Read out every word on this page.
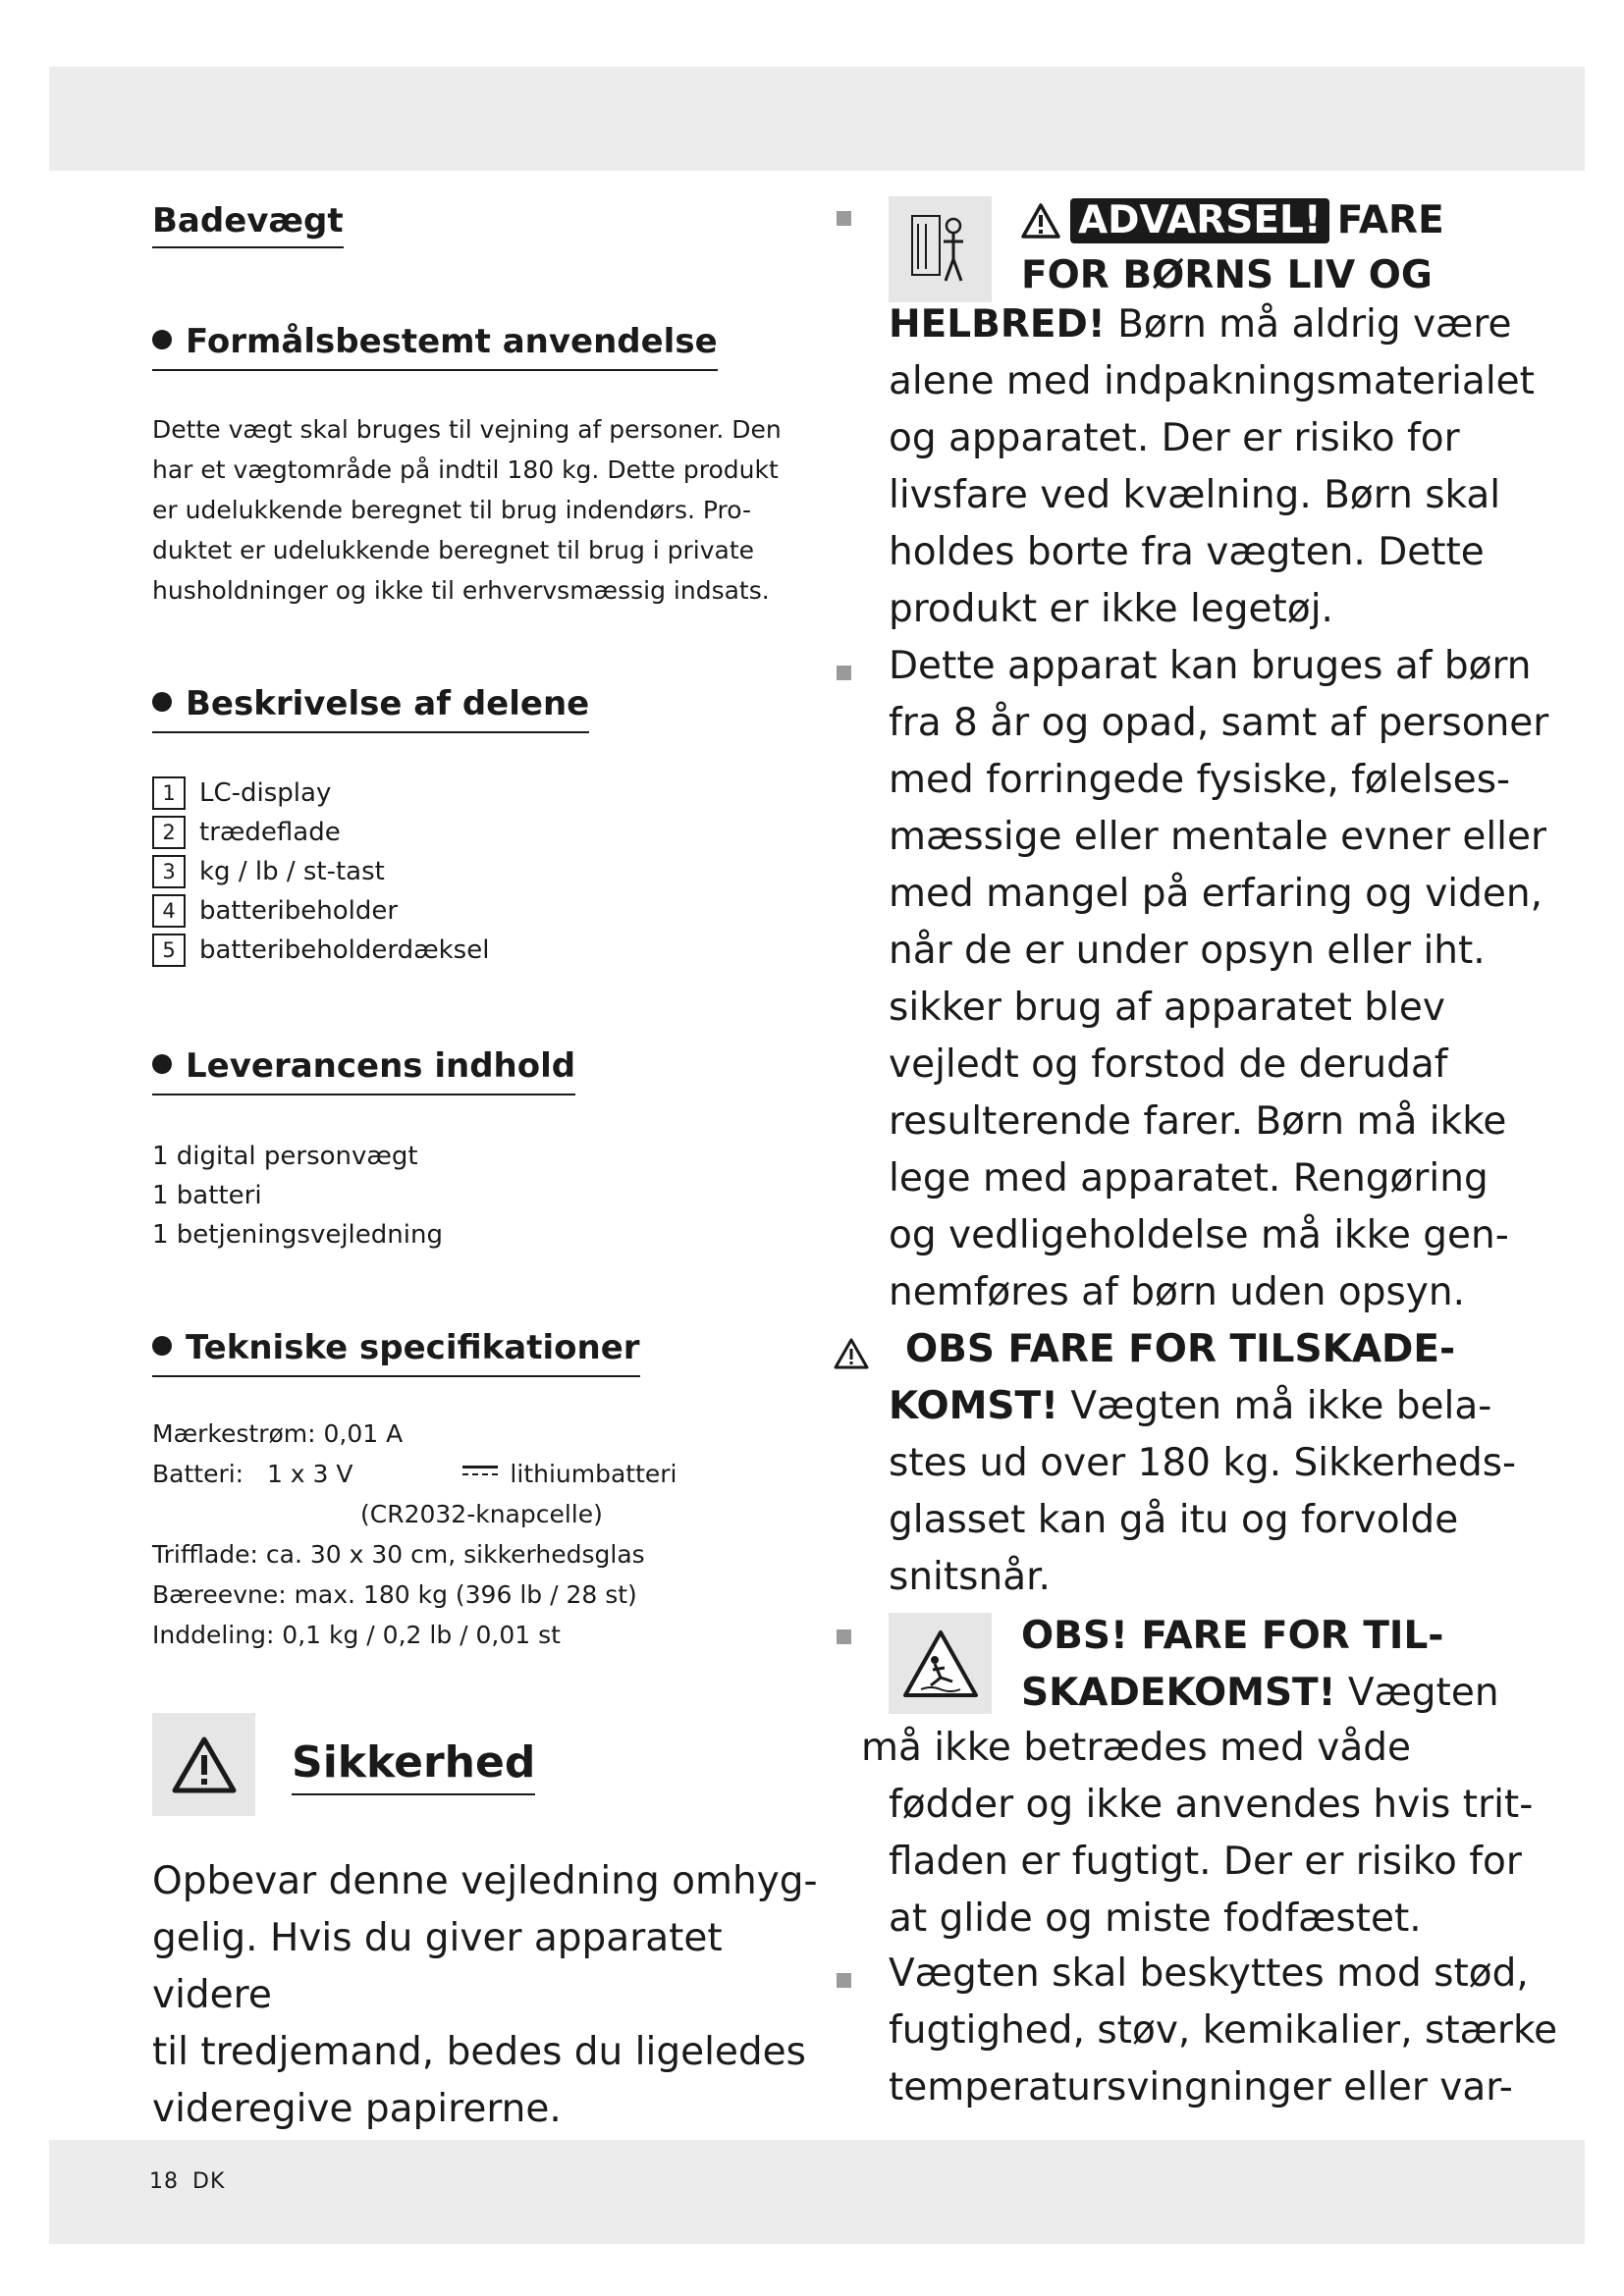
18 DK
Badevægt
Formålsbestemt anvendelse
Dette vægt skal bruges til vejning af personer. Den
har et vægtområde på indtil 180 kg. Dette produkt
er udelukkende beregnet til brug indendørs. Pro-
duktet er udelukkende beregnet til brug i private
husholdninger og ikke til erhvervsmæssig indsats.
Beskrivelse af delene
1 LC-display
2 trædeflade
3 kg / lb / st-tast
4 batteribeholder
5 batteribeholderdæksel
Leverancens indhold
1 digital personvægt
1 batteri
1 betjeningsvejledning
Tekniske specifikationer
Mærkestrøm: 0,01 A
Batteri: 1 x 3 V	lithiumbatteri
(CR2032-knapcelle)
Trifflade: ca. 30 x 30 cm, sikkerhedsglas
Bæreevne: max. 180 kg (396 lb / 28 st)
Inddeling: 0,1 kg / 0,2 lb / 0,01 st
Sikkerhed
Opbevar denne vejledning omhyg-
gelig. Hvis du giver apparatet videre
til tredjemand, bedes du ligeledes
videregive papirerne.
ADVARSEL! FARE
FOR BØRNS LIV OG
HELBRED! Børn må aldrig være
alene med indpakningsmaterialet
og apparatet. Der er risiko for
livsfare ved kvælning. Børn skal
holdes borte fra vægten. Dette
produkt er ikke legetøj.
Dette apparat kan bruges af børn
fra 8 år og opad, samt af personer
med forringede fysiske, følelses-
mæssige eller mentale evner eller
med mangel på erfaring og viden,
når de er under opsyn eller iht.
sikker brug af apparatet blev
vejledt og forstod de derudaf
resulterende farer. Børn må ikke
lege med apparatet. Rengøring
og vedligeholdelse må ikke gen-
nemføres af børn uden opsyn.
OBS FARE FOR TILSKADE-
KOMST! Vægten må ikke bela-
stes ud over 180 kg. Sikkerheds-
glasset kan gå itu og forvolde
snitsnår.
OBS! FARE FOR TIL-
SKADEKOMST! Vægten
må ikke betrædes med våde
fødder og ikke anvendes hvis trit-
fladen er fugtigt. Der er risiko for
at glide og miste fodfæstet.
Vægten skal beskyttes mod stød,
fugtighed, støv, kemikalier, stærke
temperatursvingninger eller var-
